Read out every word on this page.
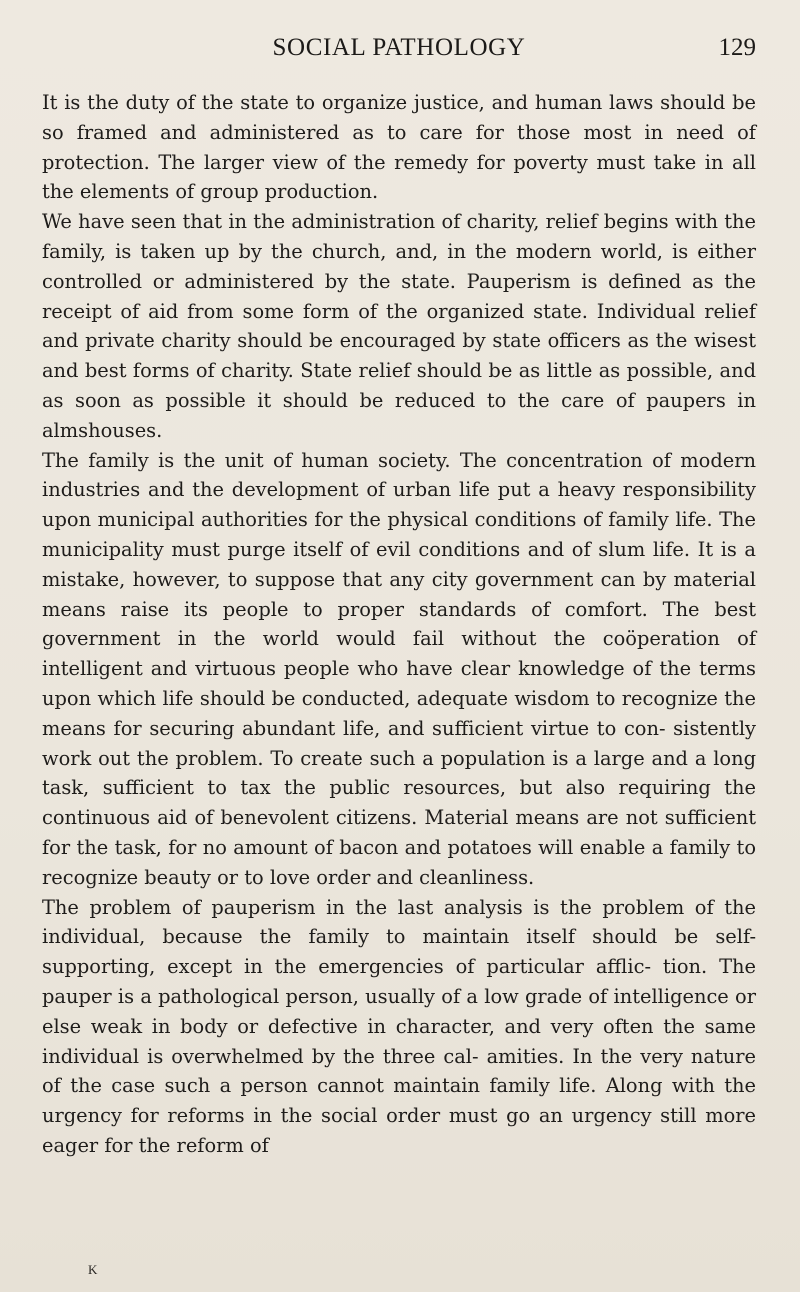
SOCIAL PATHOLOGY	129

It is the duty of the state to organize justice, and human laws should be so framed and administered as to care for those most in need of protection. The larger view of the remedy for poverty must take in all the elements of group production.

We have seen that in the administration of charity, relief begins with the family, is taken up by the church, and, in the modern world, is either controlled or administered by the state. Pauperism is defined as the receipt of aid from some form of the organized state. Individual relief and private charity should be encouraged by state officers as the wisest and best forms of charity. State relief should be as little as possible, and as soon as possible it should be reduced to the care of paupers in almshouses.

The family is the unit of human society. The concentration of modern industries and the development of urban life put a heavy responsibility upon municipal authorities for the physical conditions of family life. The municipality must purge itself of evil conditions and of slum life. It is a mistake, however, to suppose that any city government can by material means raise its people to proper standards of comfort. The best government in the world would fail without the coöperation of intelligent and virtuous people who have clear knowledge of the terms upon which life should be conducted, adequate wisdom to recognize the means for securing abundant life, and sufficient virtue to con- sistently work out the problem. To create such a population is a large and a long task, sufficient to tax the public resources, but also requiring the continuous aid of benevolent citizens. Material means are not sufficient for the task, for no amount of bacon and potatoes will enable a family to recognize beauty or to love order and cleanliness.

The problem of pauperism in the last analysis is the problem of the individual, because the family to maintain itself should be self-supporting, except in the emergencies of particular afflic- tion. The pauper is a pathological person, usually of a low grade of intelligence or else weak in body or defective in character, and very often the same individual is overwhelmed by the three cal- amities. In the very nature of the case such a person cannot maintain family life. Along with the urgency for reforms in the social order must go an urgency still more eager for the reform of

K
